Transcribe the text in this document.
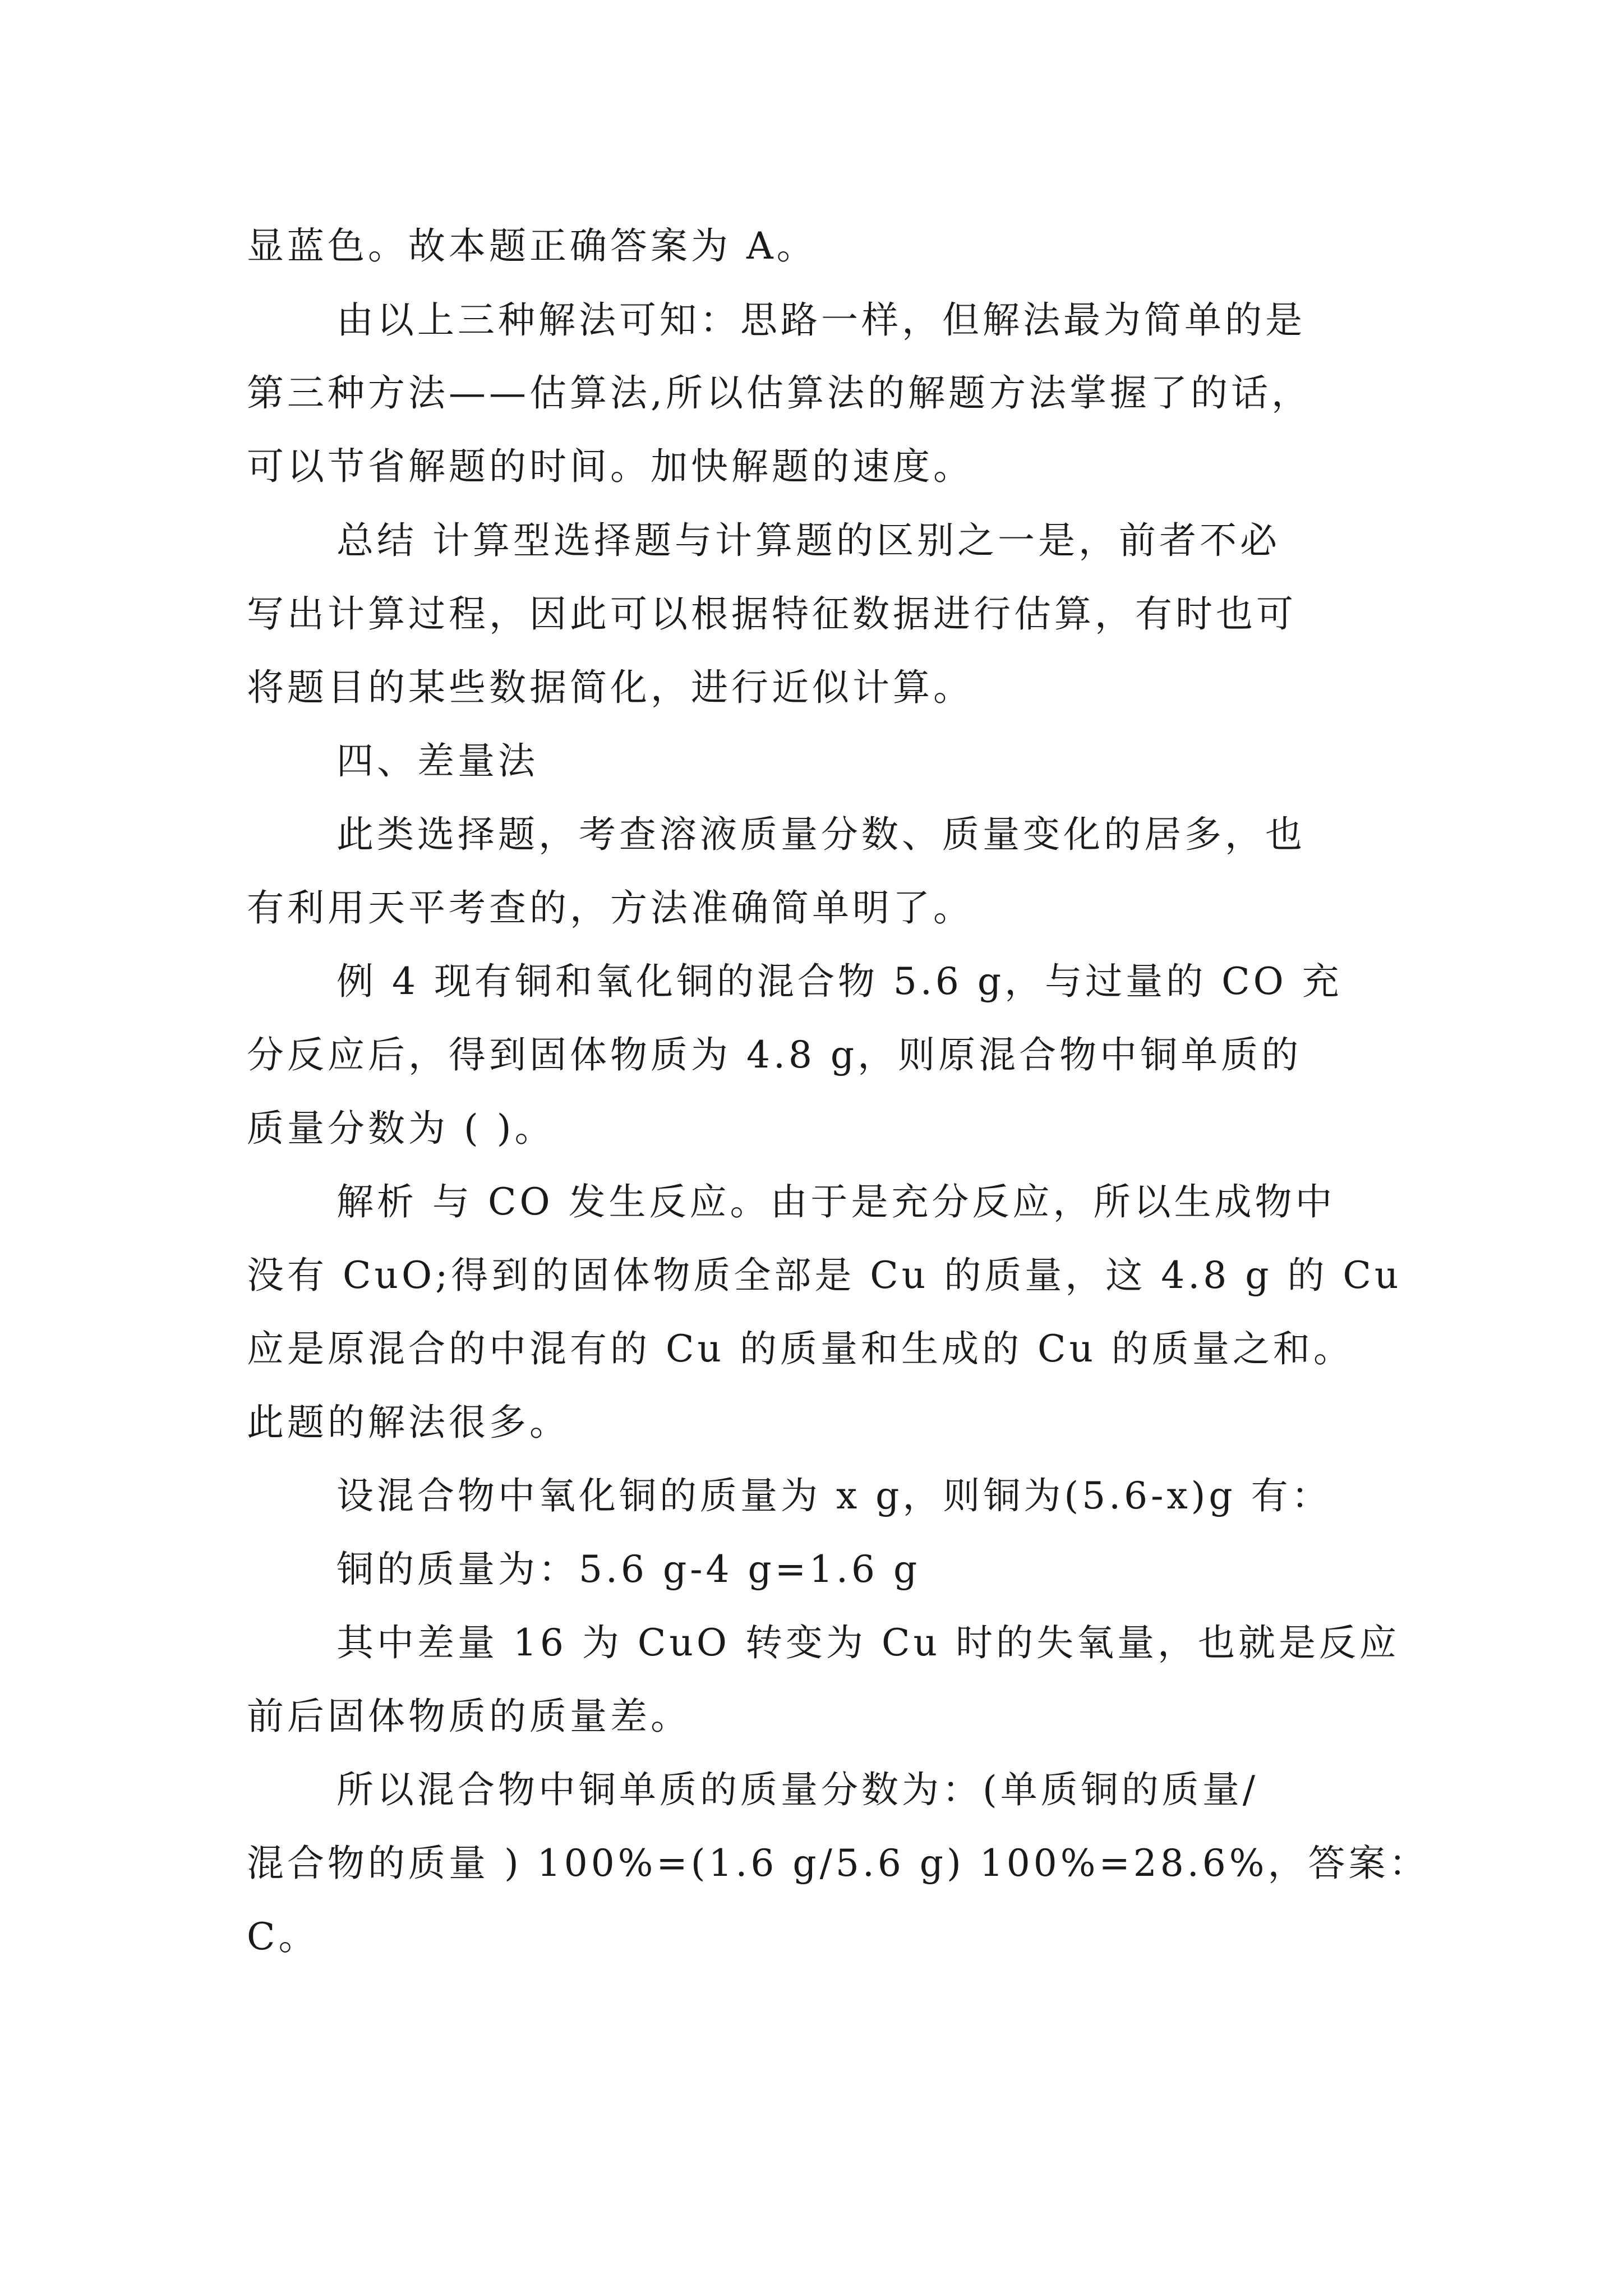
显蓝色。故本题正确答案为 A。
由以上三种解法可知：思路一样，但解法最为简单的是
第三种方法——估算法,所以估算法的解题方法掌握了的话，
可以节省解题的时间。加快解题的速度。
总结 计算型选择题与计算题的区别之一是，前者不必
写出计算过程，因此可以根据特征数据进行估算，有时也可
将题目的某些数据简化，进行近似计算。
四、差量法
此类选择题，考查溶液质量分数、质量变化的居多，也
有利用天平考查的，方法准确简单明了。
例 4 现有铜和氧化铜的混合物 5.6 g，与过量的 CO 充
分反应后，得到固体物质为 4.8 g，则原混合物中铜单质的
质量分数为 ( )。
解析 与 CO 发生反应。由于是充分反应，所以生成物中
没有 CuO;得到的固体物质全部是 Cu 的质量，这 4.8 g 的 Cu
应是原混合的中混有的 Cu 的质量和生成的 Cu 的质量之和。
此题的解法很多。
设混合物中氧化铜的质量为 x g，则铜为(5.6-x)g 有：
铜的质量为：5.6 g-4 g=1.6 g
其中差量 16 为 CuO 转变为 Cu 时的失氧量，也就是反应
前后固体物质的质量差。
所以混合物中铜单质的质量分数为：(单质铜的质量/
混合物的质量 ) 100%=(1.6 g/5.6 g) 100%=28.6%，答案：
C。
